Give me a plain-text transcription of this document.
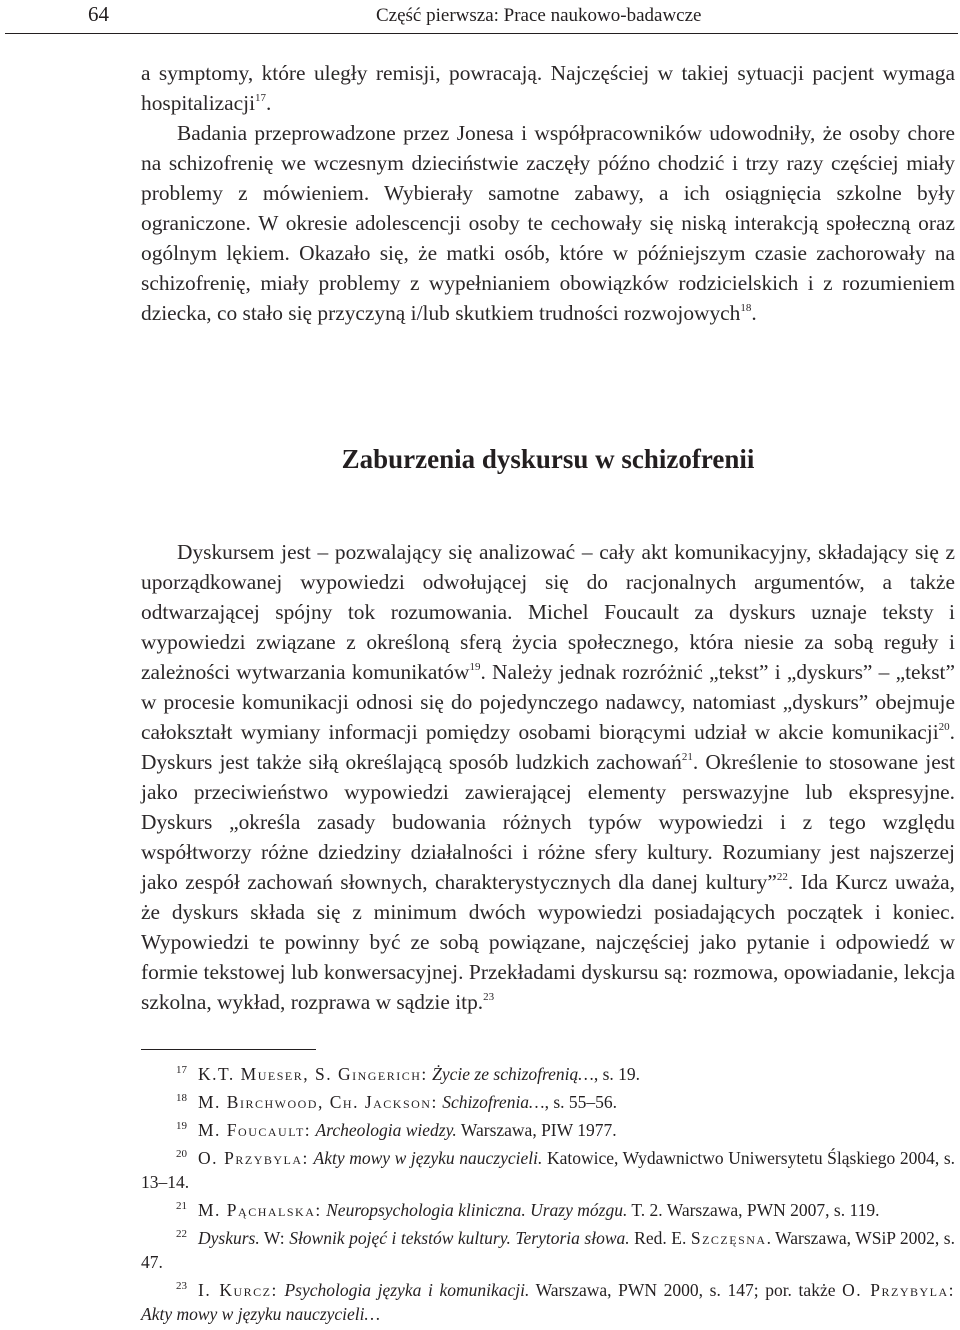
64	Część pierwsza: Prace naukowo-badawcze

a symptomy, które uległy remisji, powracają. Najczęściej w takiej sytuacji pacjent wymaga hospitalizacji$^{17}$.

Badania przeprowadzone przez Jonesa i współpracowników udowodniły, że osoby chore na schizofrenię we wczesnym dzieciństwie zaczęły późno chodzić i trzy razy częściej miały problemy z mówieniem. Wybierały samotne zabawy, a ich osiągnięcia szkolne były ograniczone. W okresie adolescencji osoby te cechowały się niską interakcją społeczną oraz ogólnym lękiem. Okazało się, że matki osób, które w późniejszym czasie zachorowały na schizofrenię, miały problemy z wypełnianiem obowiązków rodzicielskich i z rozumieniem dziecka, co stało się przyczyną i/lub skutkiem trudności rozwojowych$^{18}$.

Zaburzenia dyskursu w schizofrenii

Dyskursem jest – pozwalający się analizować – cały akt komunikacyjny, składający się z uporządkowanej wypowiedzi odwołującej się do racjonalnych argumentów, a także odtwarzającej spójny tok rozumowania. Michel Foucault za dyskurs uznaje teksty i wypowiedzi związane z określoną sferą życia społecznego, która niesie za sobą reguły i zależności wytwarzania komunikatów$^{19}$. Należy jednak rozróżnić „tekst” i „dyskurs” – „tekst” w procesie komunikacji odnosi się do pojedynczego nadawcy, natomiast „dyskurs” obejmuje całokształt wymiany informacji pomiędzy osobami biorącymi udział w akcie komunikacji$^{20}$. Dyskurs jest także siłą określającą sposób ludzkich zachowań$^{21}$. Określenie to stosowane jest jako przeciwieństwo wypowiedzi zawierającej elementy perswazyjne lub ekspresyjne. Dyskurs „określa zasady budowania różnych typów wypowiedzi i z tego względu współtworzy różne dziedziny działalności i różne sfery kultury. Rozumiany jest najszerzej jako zespół zachowań słownych, charakterystycznych dla danej kultury”$^{22}$. Ida Kurcz uważa, że dyskurs składa się z minimum dwóch wypowiedzi posiadających początek i koniec. Wypowiedzi te powinny być ze sobą powiązane, najczęściej jako pytanie i odpowiedź w formie tekstowej lub konwersacyjnej. Przekładami dyskursu są: rozmowa, opowiadanie, lekcja szkolna, wykład, rozprawa w sądzie itp.$^{23}$

17 K.T. Mueser, S. Gingerich: Życie ze schizofrenią…, s. 19.

18 M. Birchwood, Ch. Jackson: Schizofrenia…, s. 55–56.

19 M. Foucault: Archeologia wiedzy. Warszawa, PIW 1977.

20 O. Przybyla: Akty mowy w języku nauczycieli. Katowice, Wydawnictwo Uniwersytetu Śląskiego 2004, s. 13–14.

21 M. Pąchalska: Neuropsychologia kliniczna. Urazy mózgu. T. 2. Warszawa, PWN 2007, s. 119.

22 Dyskurs. W: Słownik pojęć i tekstów kultury. Terytoria słowa. Red. E. Szczęsna. Warszawa, WSiP 2002, s. 47.

23 I. Kurcz: Psychologia języka i komunikacji. Warszawa, PWN 2000, s. 147; por. także O. Przybyla: Akty mowy w języku nauczycieli…
